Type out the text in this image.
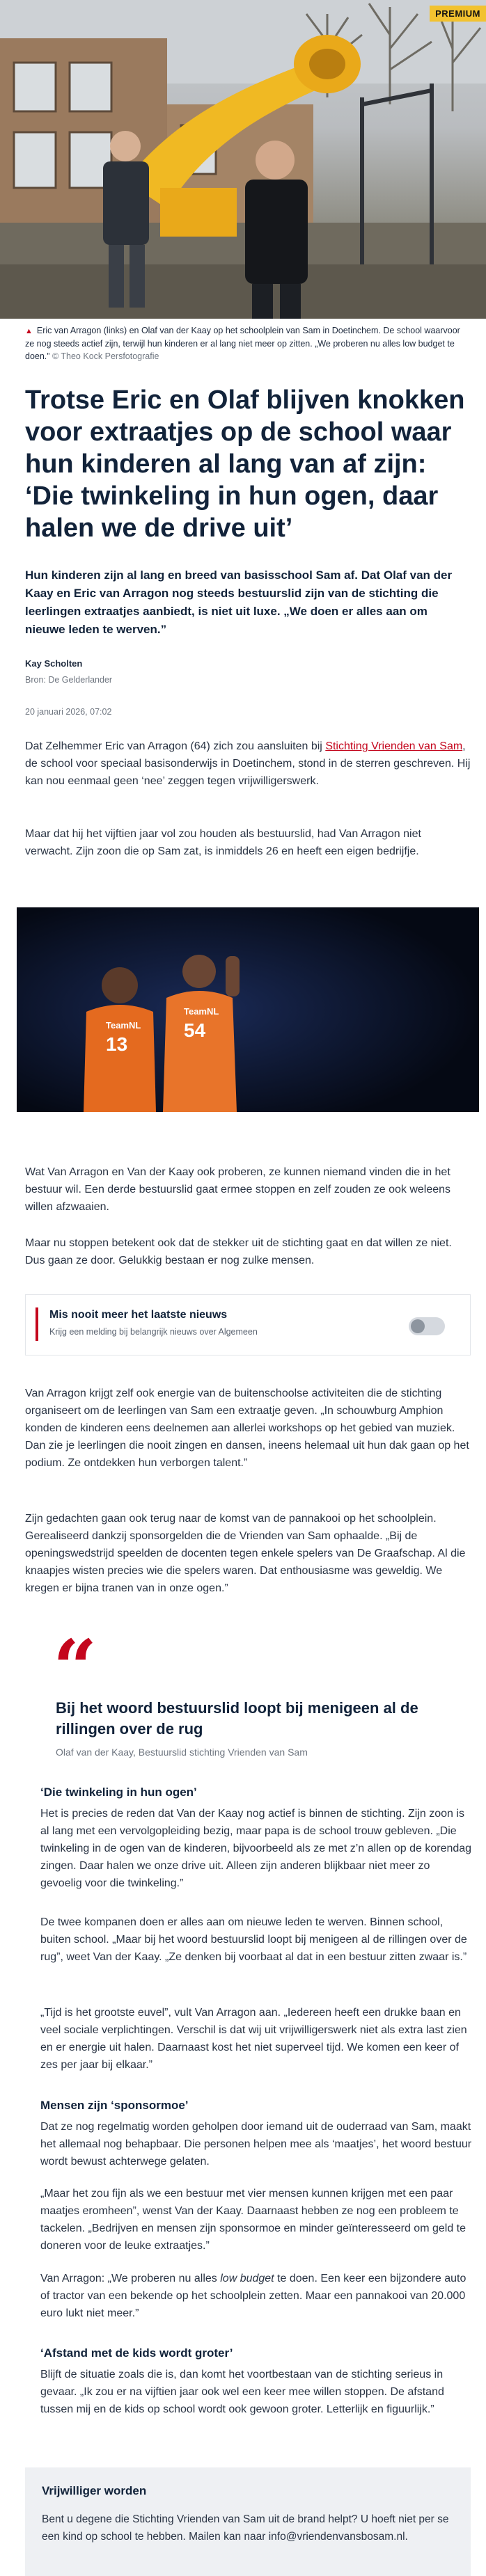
PREMIUM
▲ Eric van Arragon (links) en Olaf van der Kaay op het schoolplein van Sam in Doetinchem. De school waarvoor ze nog steeds actief zijn, terwijl hun kinderen er al lang niet meer op zitten. „We proberen nu alles low budget te doen.” © Theo Kock Persfotografie
Trotse Eric en Olaf blijven knokken voor extraatjes op de school waar hun kinderen al lang van af zijn: ‘Die twinkeling in hun ogen, daar halen we de drive uit’

Hun kinderen zijn al lang en breed van basisschool Sam af. Dat Olaf van der Kaay en Eric van Arragon nog steeds bestuurslid zijn van de stichting die leerlingen extraatjes aanbiedt, is niet uit luxe. „We doen er alles aan om nieuwe leden te werven.”

Kay Scholten
Bron: De Gelderlander
20 januari 2026, 07:02

Dat Zelhemmer Eric van Arragon (64) zich zou aansluiten bij Stichting Vrienden van Sam, de school voor speciaal basisonderwijs in Doetinchem, stond in de sterren geschreven. Hij kan nou eenmaal geen ‘nee’ zeggen tegen vrijwilligerswerk.

Maar dat hij het vijftien jaar vol zou houden als bestuurslid, had Van Arragon niet verwacht. Zijn zoon die op Sam zat, is inmiddels 26 en heeft een eigen bedrijfje.

TeamNL
13
TeamNL
54

Wat Van Arragon en Van der Kaay ook proberen, ze kunnen niemand vinden die in het bestuur wil. Een derde bestuurslid gaat ermee stoppen en zelf zouden ze ook weleens willen afzwaaien.

Maar nu stoppen betekent ook dat de stekker uit de stichting gaat en dat willen ze niet. Dus gaan ze door. Gelukkig bestaan er nog zulke mensen.

Mis nooit meer het laatste nieuws
Krijg een melding bij belangrijk nieuws over Algemeen

Van Arragon krijgt zelf ook energie van de buitenschoolse activiteiten die de stichting organiseert om de leerlingen van Sam een extraatje geven. „In schouwburg Amphion konden de kinderen eens deelnemen aan allerlei workshops op het gebied van muziek. Dan zie je leerlingen die nooit zingen en dansen, ineens helemaal uit hun dak gaan op het podium. Ze ontdekken hun verborgen talent.”

Zijn gedachten gaan ook terug naar de komst van de pannakooi op het schoolplein. Gerealiseerd dankzij sponsorgelden die de Vrienden van Sam ophaalde. „Bij de openingswedstrijd speelden de docenten tegen enkele spelers van De Graafschap. Al die knaapjes wisten precies wie die spelers waren. Dat enthousiasme was geweldig. We kregen er bijna tranen van in onze ogen.”

“

Bij het woord bestuurslid loopt bij menigeen al de rillingen over de rug

Olaf van der Kaay, Bestuurslid stichting Vrienden van Sam
‘Die twinkeling in hun ogen’

Het is precies de reden dat Van der Kaay nog actief is binnen de stichting. Zijn zoon is al lang met een vervolgopleiding bezig, maar papa is de school trouw gebleven. „Die twinkeling in de ogen van de kinderen, bijvoorbeeld als ze met z’n allen op de korendag zingen. Daar halen we onze drive uit. Alleen zijn anderen blijkbaar niet meer zo gevoelig voor die twinkeling.”

De twee kompanen doen er alles aan om nieuwe leden te werven. Binnen school, buiten school. „Maar bij het woord bestuurslid loopt bij menigeen al de rillingen over de rug”, weet Van der Kaay. „Ze denken bij voorbaat al dat in een bestuur zitten zwaar is.”

„Tijd is het grootste euvel”, vult Van Arragon aan. „Iedereen heeft een drukke baan en veel sociale verplichtingen. Verschil is dat wij uit vrijwilligerswerk niet als extra last zien en er energie uit halen. Daarnaast kost het niet superveel tijd. We komen een keer of zes per jaar bij elkaar.”

Mensen zijn ‘sponsormoe’

Dat ze nog regelmatig worden geholpen door iemand uit de ouderraad van Sam, maakt het allemaal nog behapbaar. Die personen helpen mee als ‘maatjes’, het woord bestuur wordt bewust achterwege gelaten.

„Maar het zou fijn als we een bestuur met vier mensen kunnen krijgen met een paar maatjes eromheen”, wenst Van der Kaay. Daarnaast hebben ze nog een probleem te tackelen. „Bedrijven en mensen zijn sponsormoe en minder geïnteresseerd om geld te doneren voor de leuke extraatjes.”

Van Arragon: „We proberen nu alles low budget te doen. Een keer een bijzondere auto of tractor van een bekende op het schoolplein zetten. Maar een pannakooi van 20.000 euro lukt niet meer.”

‘Afstand met de kids wordt groter’

Blijft de situatie zoals die is, dan komt het voortbestaan van de stichting serieus in gevaar. „Ik zou er na vijftien jaar ook wel een keer mee willen stoppen. De afstand tussen mij en de kids op school wordt ook gewoon groter. Letterlijk en figuurlijk.”

Vrijwilliger worden

Bent u degene die Stichting Vrienden van Sam uit de brand helpt? U hoeft niet per se een kind op school te hebben. Mailen kan naar info@vriendenvansbosam.nl.
